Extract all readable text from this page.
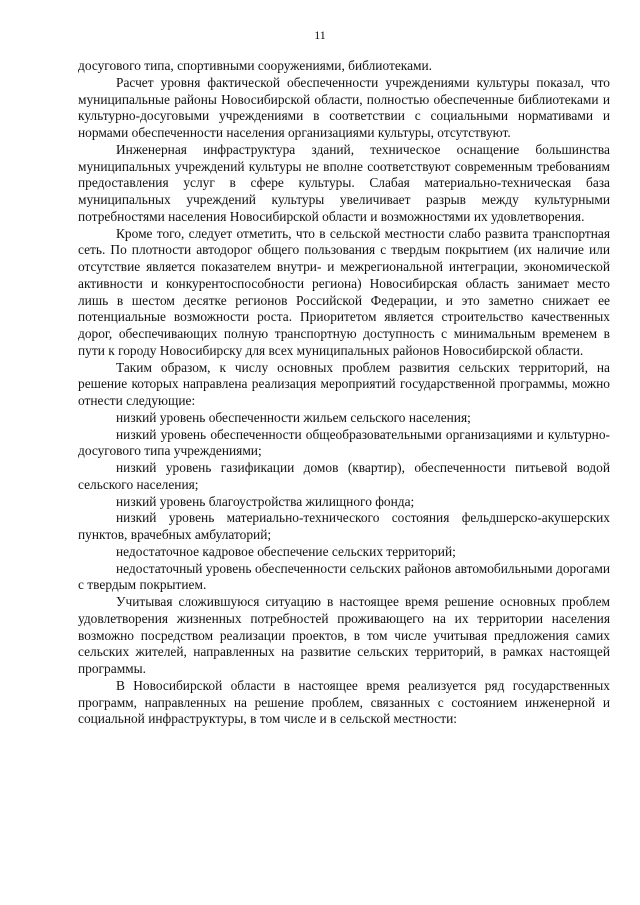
11

досугового типа, спортивными сооружениями, библиотеками.

Расчет уровня фактической обеспеченности учреждениями культуры показал, что муниципальные районы Новосибирской области, полностью обеспеченные библиотеками и культурно-досуговыми учреждениями в соответствии с социальными нормативами и нормами обеспеченности населения организациями культуры, отсутствуют.

Инженерная инфраструктура зданий, техническое оснащение большинства муниципальных учреждений культуры не вполне соответствуют современным требованиям предоставления услуг в сфере культуры. Слабая материально-техническая база муниципальных учреждений культуры увеличивает разрыв между культурными потребностями населения Новосибирской области и возможностями их удовлетворения.

Кроме того, следует отметить, что в сельской местности слабо развита транспортная сеть. По плотности автодорог общего пользования с твердым покрытием (их наличие или отсутствие является показателем внутри- и межрегиональной интеграции, экономической активности и конкурентоспособности региона) Новосибирская область занимает место лишь в шестом десятке регионов Российской Федерации, и это заметно снижает ее потенциальные возможности роста. Приоритетом является строительство качественных дорог, обеспечивающих полную транспортную доступность с минимальным временем в пути к городу Новосибирску для всех муниципальных районов Новосибирской области.

Таким образом, к числу основных проблем развития сельских территорий, на решение которых направлена реализация мероприятий государственной программы, можно отнести следующие:

низкий уровень обеспеченности жильем сельского населения;

низкий уровень обеспеченности общеобразовательными организациями и культурно-досугового типа учреждениями;

низкий уровень газификации домов (квартир), обеспеченности питьевой водой сельского населения;

низкий уровень благоустройства жилищного фонда;

низкий уровень материально-технического состояния фельдшерско-акушерских пунктов, врачебных амбулаторий;

недостаточное кадровое обеспечение сельских территорий;

недостаточный уровень обеспеченности сельских районов автомобильными дорогами с твердым покрытием.

Учитывая сложившуюся ситуацию в настоящее время решение основных проблем удовлетворения жизненных потребностей проживающего на их территории населения возможно посредством реализации проектов, в том числе учитывая предложения самих сельских жителей, направленных на развитие сельских территорий, в рамках настоящей программы.

В Новосибирской области в настоящее время реализуется ряд государственных программ, направленных на решение проблем, связанных с состоянием инженерной и социальной инфраструктуры, в том числе и в сельской местности:
